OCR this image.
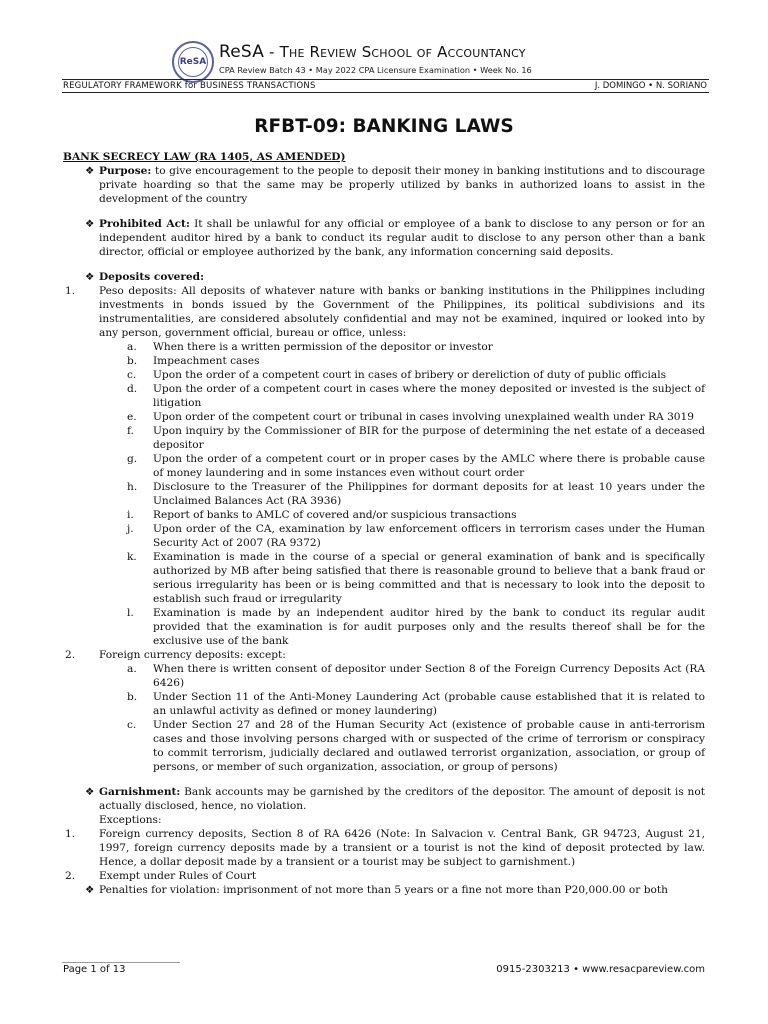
ReSA ReSA - The Review School of Accountancy
CPA Review Batch 43 • May 2022 CPA Licensure Examination • Week No. 16
REGULATORY FRAMEWORK for BUSINESS TRANSACTIONS	J. DOMINGO • N. SORIANO
RFBT-09: BANKING LAWS

BANK SECRECY LAW (RA 1405, AS AMENDED)

❖ Purpose: to give encouragement to the people to deposit their money in banking institutions and to discourage private hoarding so that the same may be properly utilized by banks in authorized loans to assist in the development of the country
❖ Prohibited Act: It shall be unlawful for any official or employee of a bank to disclose to any person or for an independent auditor hired by a bank to conduct its regular audit to disclose to any person other than a bank director, official or employee authorized by the bank, any information concerning said deposits.
❖ Deposits covered:
1.	Peso deposits: All deposits of whatever nature with banks or banking institutions in the Philippines including investments in bonds issued by the Government of the Philippines, its political subdivisions and its instrumentalities, are considered absolutely confidential and may not be examined, inquired or looked into by any person, government official, bureau or office, unless:
a.	When there is a written permission of the depositor or investor
b.	Impeachment cases
c.	Upon the order of a competent court in cases of bribery or dereliction of duty of public officials
d.	Upon the order of a competent court in cases where the money deposited or invested is the subject of litigation
e.	Upon order of the competent court or tribunal in cases involving unexplained wealth under RA 3019
f.	Upon inquiry by the Commissioner of BIR for the purpose of determining the net estate of a deceased depositor
g.	Upon the order of a competent court or in proper cases by the AMLC where there is probable cause of money laundering and in some instances even without court order
h.	Disclosure to the Treasurer of the Philippines for dormant deposits for at least 10 years under the Unclaimed Balances Act (RA 3936)
i.	Report of banks to AMLC of covered and/or suspicious transactions
j.	Upon order of the CA, examination by law enforcement officers in terrorism cases under the Human Security Act of 2007 (RA 9372)
k.	Examination is made in the course of a special or general examination of bank and is specifically authorized by MB after being satisfied that there is reasonable ground to believe that a bank fraud or serious irregularity has been or is being committed and that is necessary to look into the deposit to establish such fraud or irregularity
l.	Examination is made by an independent auditor hired by the bank to conduct its regular audit provided that the examination is for audit purposes only and the results thereof shall be for the exclusive use of the bank
2.	Foreign currency deposits: except:
a.	When there is written consent of depositor under Section 8 of the Foreign Currency Deposits Act (RA 6426)
b.	Under Section 11 of the Anti-Money Laundering Act (probable cause established that it is related to an unlawful activity as defined or money laundering)
c.	Under Section 27 and 28 of the Human Security Act (existence of probable cause in anti-terrorism cases and those involving persons charged with or suspected of the crime of terrorism or conspiracy to commit terrorism, judicially declared and outlawed terrorist organization, association, or group of persons, or member of such organization, association, or group of persons)
❖ Garnishment: Bank accounts may be garnished by the creditors of the depositor. The amount of deposit is not actually disclosed, hence, no violation.
Exceptions:
1.	Foreign currency deposits, Section 8 of RA 6426 (Note: In Salvacion v. Central Bank, GR 94723, August 21, 1997, foreign currency deposits made by a transient or a tourist is not the kind of deposit protected by law. Hence, a dollar deposit made by a transient or a tourist may be subject to garnishment.)
2.	Exempt under Rules of Court
❖ Penalties for violation: imprisonment of not more than 5 years or a fine not more than P20,000.00 or both
Page 1 of 13	0915-2303213 • www.resacpareview.com
